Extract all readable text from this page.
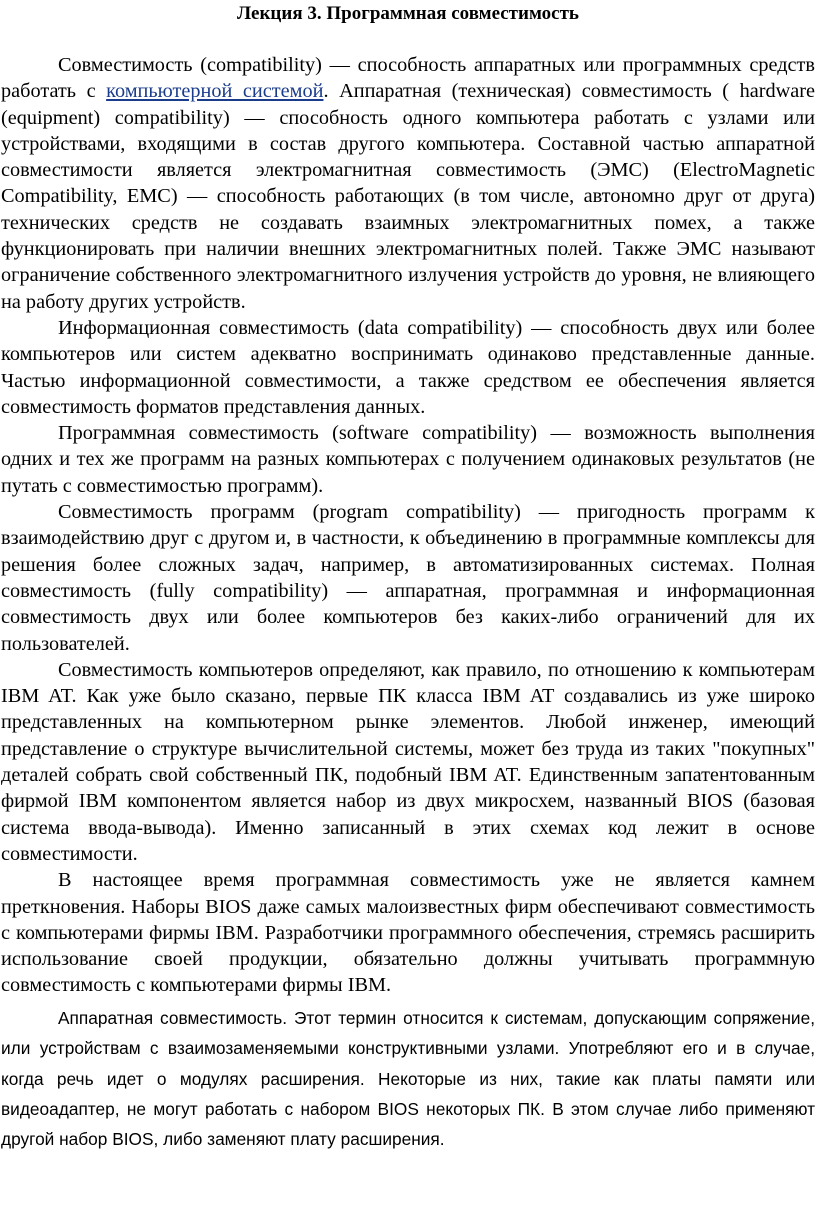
Лекция 3. Программная совместимость

Совместимость (compatibility) — способность аппаратных или программных средств работать с компьютерной системой. Аппаратная (техническая) совместимость ( hardware (equipment) compatibility) — способность одного компьютера работать с узлами или устройствами, входящими в состав другого компьютера. Составной частью аппаратной совместимости является электромагнитная совместимость (ЭМС) (ElectroMagnetic Compatibility, EMC) — способность работающих (в том числе, автономно друг от друга) технических средств не создавать взаимных электромагнитных помех, а также функционировать при наличии внешних электромагнитных полей. Также ЭМС называют ограничение собственного электромагнитного излучения устройств до уровня, не влияющего на работу других устройств.

Информационная совместимость (data compatibility) — способность двух или более компьютеров или систем адекватно воспринимать одинаково представленные данные. Частью информационной совместимости, а также средством ее обеспечения является совместимость форматов представления данных.

Программная совместимость (software compatibility) — возможность выполнения одних и тех же программ на разных компьютерах с получением одинаковых результатов (не путать с совместимостью программ).

Совместимость программ (program compatibility) — пригодность программ к взаимодействию друг с другом и, в частности, к объединению в программные комплексы для решения более сложных задач, например, в автоматизированных системах. Полная совместимость (fully compatibility) — аппаратная, программная и информационная совместимость двух или более компьютеров без каких-либо ограничений для их пользователей.

Совместимость компьютеров определяют, как правило, по отношению к компьютерам IBM AT. Как уже было сказано, первые ПК класса IBM AT создавались из уже широко представленных на компьютерном рынке элементов. Любой инженер, имеющий представление о структуре вычислительной системы, может без труда из таких "покупных" деталей собрать свой собственный ПК, подобный IBM AT. Единственным запатентованным фирмой IBM компонентом является набор из двух микросхем, названный BIOS (базовая система ввода-вывода). Именно записанный в этих схемах код лежит в основе совместимости.

В настоящее время программная совместимость уже не является камнем преткновения. Наборы BIOS даже самых малоизвестных фирм обеспечивают совместимость с компьютерами фирмы IBM. Разработчики программного обеспечения, стремясь расширить использование своей продукции, обязательно должны учитывать программную совместимость с компьютерами фирмы IBM.

Аппаратная совместимость. Этот термин относится к системам, допускающим сопряжение, или устройствам с взаимозаменяемыми конструктивными узлами. Употребляют его и в случае, когда речь идет о модулях расширения. Некоторые из них, такие как платы памяти или видеоадаптер, не могут работать с набором BIOS некоторых ПК. В этом случае либо применяют другой набор BIOS, либо заменяют плату расширения.
